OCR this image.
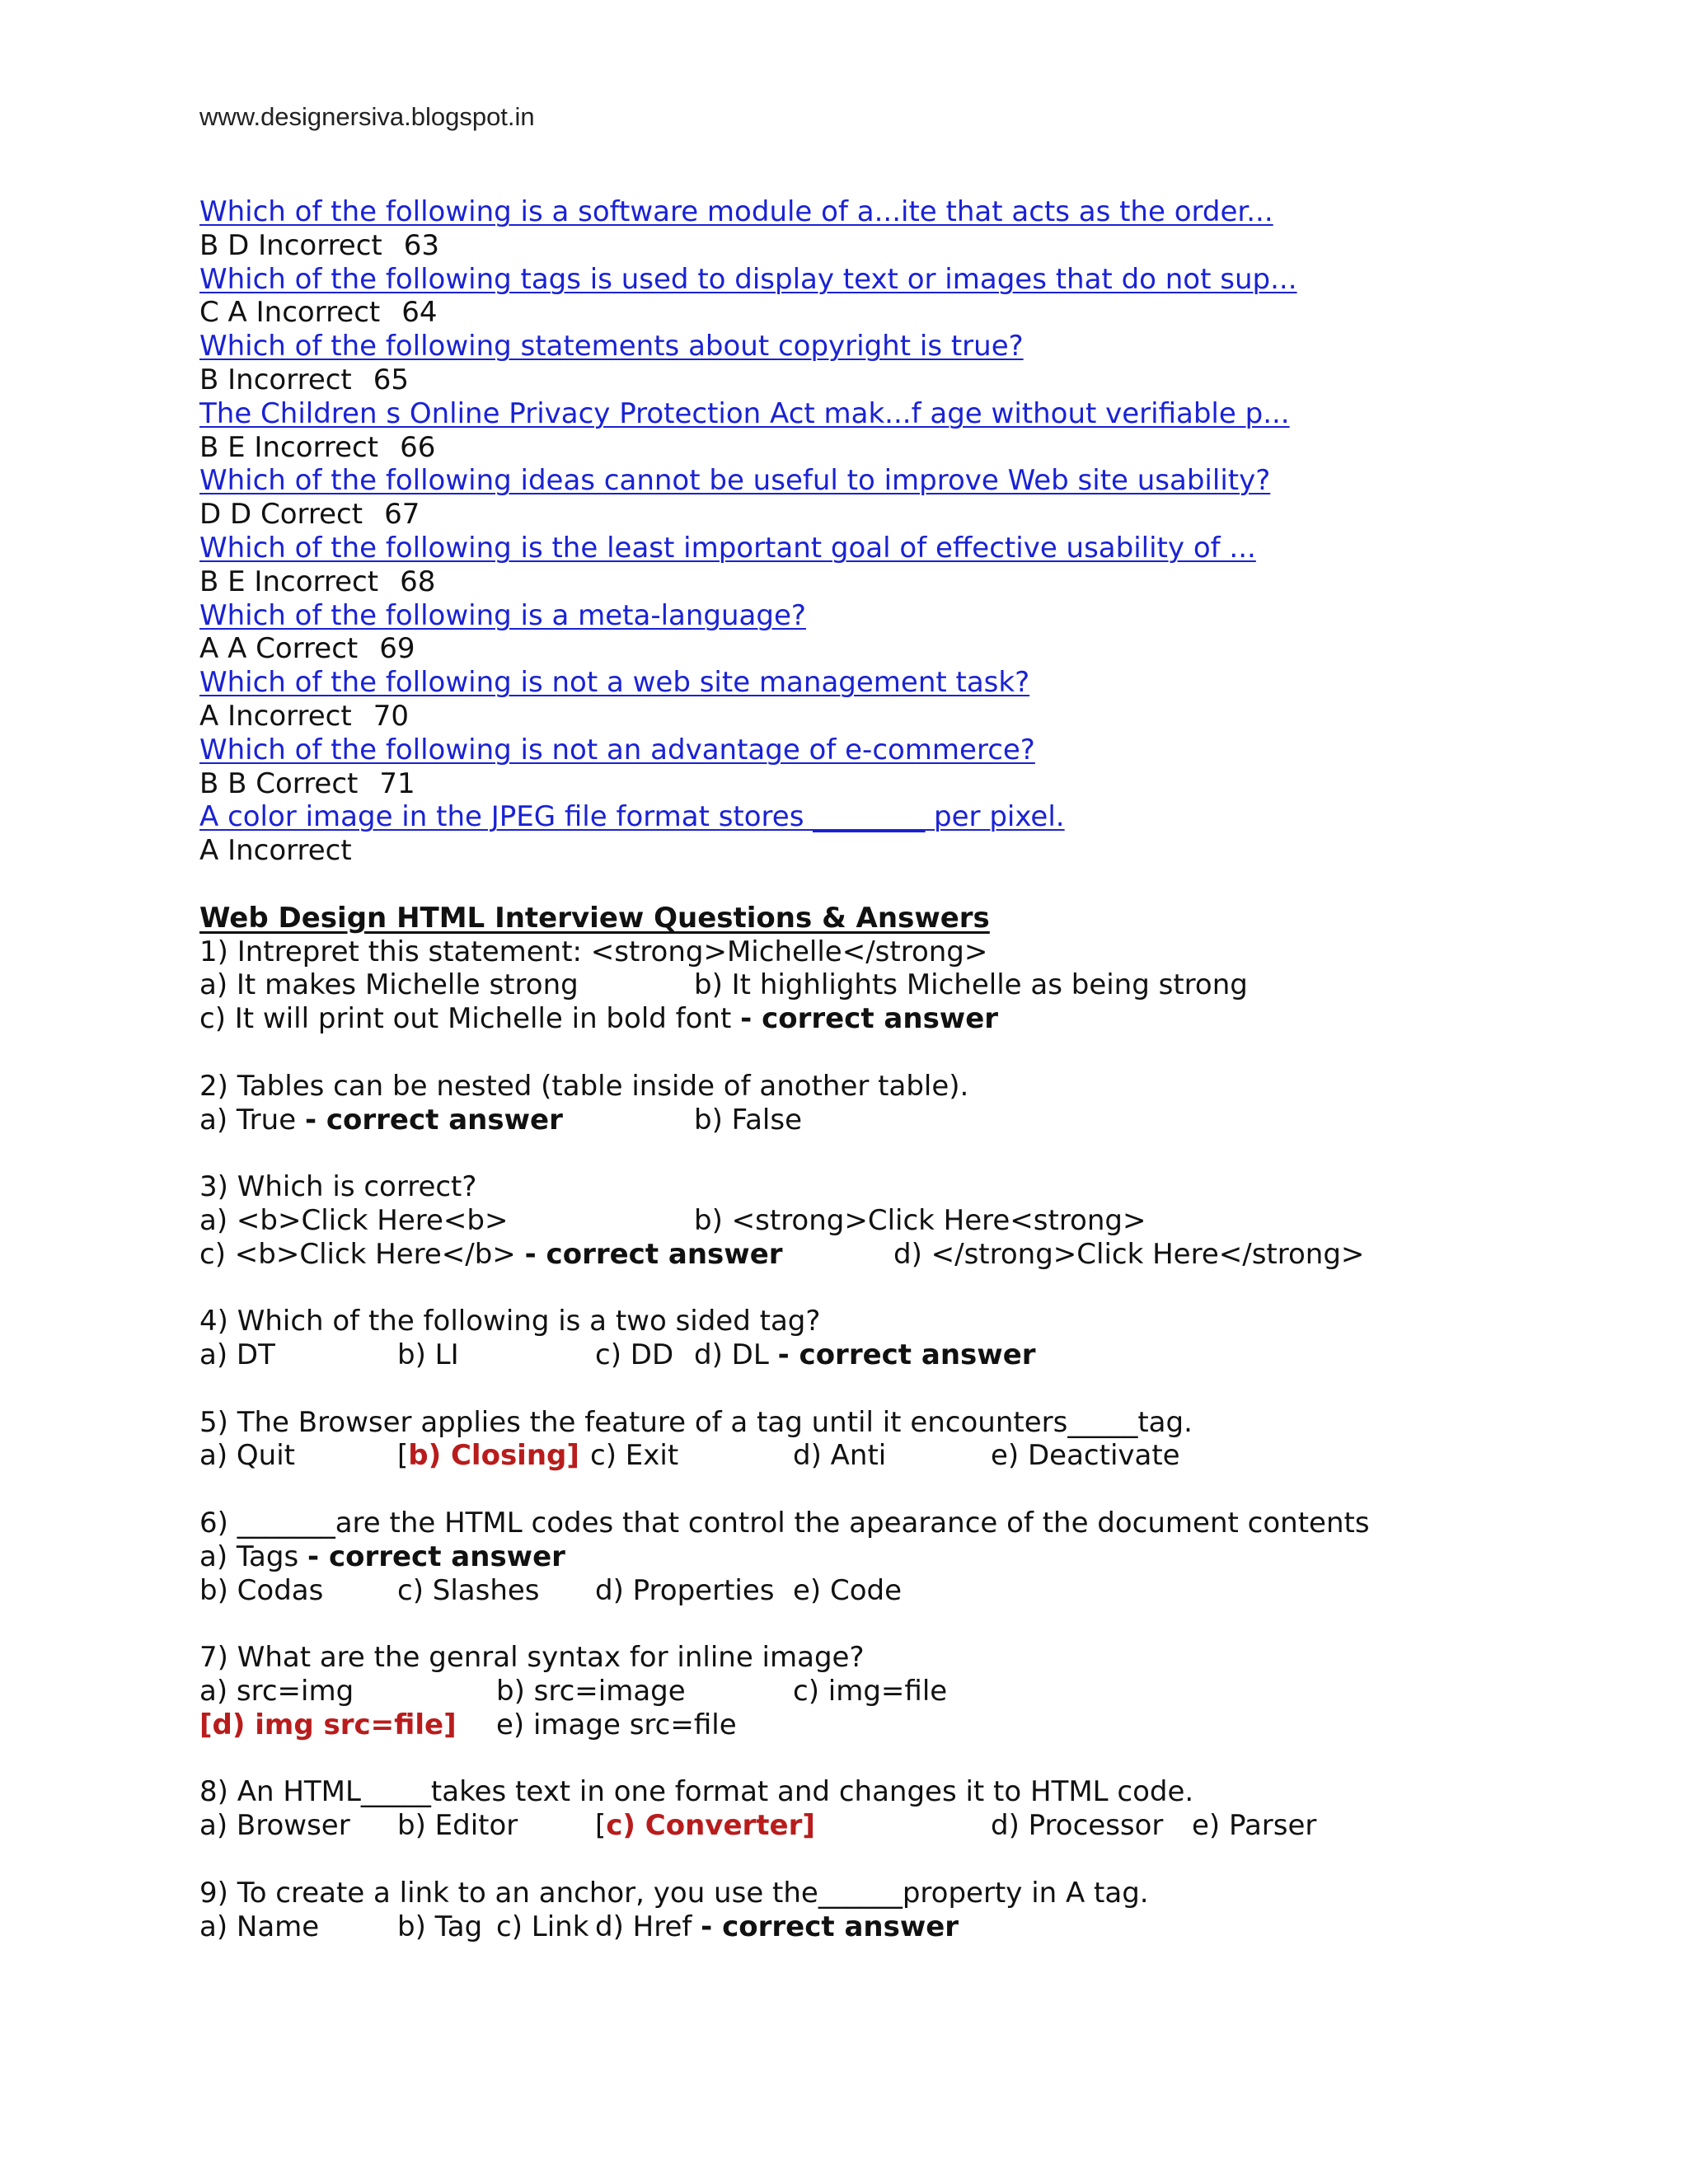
www.designersiva.blogspot.in
Which of the following is a software module of a...ite that acts as the order...
B D Incorrect 63
Which of the following tags is used to display text or images that do not sup...
C A Incorrect 64
Which of the following statements about copyright is true?
B Incorrect 65
The Children s Online Privacy Protection Act mak...f age without verifiable p...
B E Incorrect 66
Which of the following ideas cannot be useful to improve Web site usability?
D D Correct 67
Which of the following is the least important goal of effective usability of ...
B E Incorrect 68
Which of the following is a meta-language?
A A Correct 69
Which of the following is not a web site management task?
A Incorrect 70
Which of the following is not an advantage of e-commerce?
B B Correct 71
A color image in the JPEG file format stores ________ per pixel.
A Incorrect
Web Design HTML Interview Questions & Answers
1) Intrepret this statement: <strong>Michelle</strong>

a) It makes Michelle strong

	b) It highlights Michelle as being strong

c) It will print out Michelle in bold font - correct answer
2) Tables can be nested (table inside of another table).

a) True - correct answer

	b) False

3) Which is correct?

a) <b>Click Here<b>

	b) <strong>Click Here<strong>

c) <b>Click Here</b> - correct answer

	d) </strong>Click Here</strong>

4) Which of the following is a two sided tag?

a) DT

	b) LI

	c) DD

d) DL - correct answer

5) The Browser applies the feature of a tag until it encounters_____tag.

a) Quit

	[b) Closing]

c) Exit

	d) Anti

	e) Deactivate

6) _______are the HTML codes that control the apearance of the document contents
a) Tags - correct answer

b) Codas

	c) Slashes

d) Properties

e) Code

7) What are the genral syntax for inline image?

a) src=img

	b) src=image

	c) img=file

[d) img src=file]

e) image src=file

8) An HTML_____takes text in one format and changes it to HTML code.

a) Browser

b) Editor

	[c) Converter]

	d) Processor

e) Parser

9) To create a link to an anchor, you use the______property in A tag.

a) Name

	b) Tag

c) Link

d) Href - correct answer
